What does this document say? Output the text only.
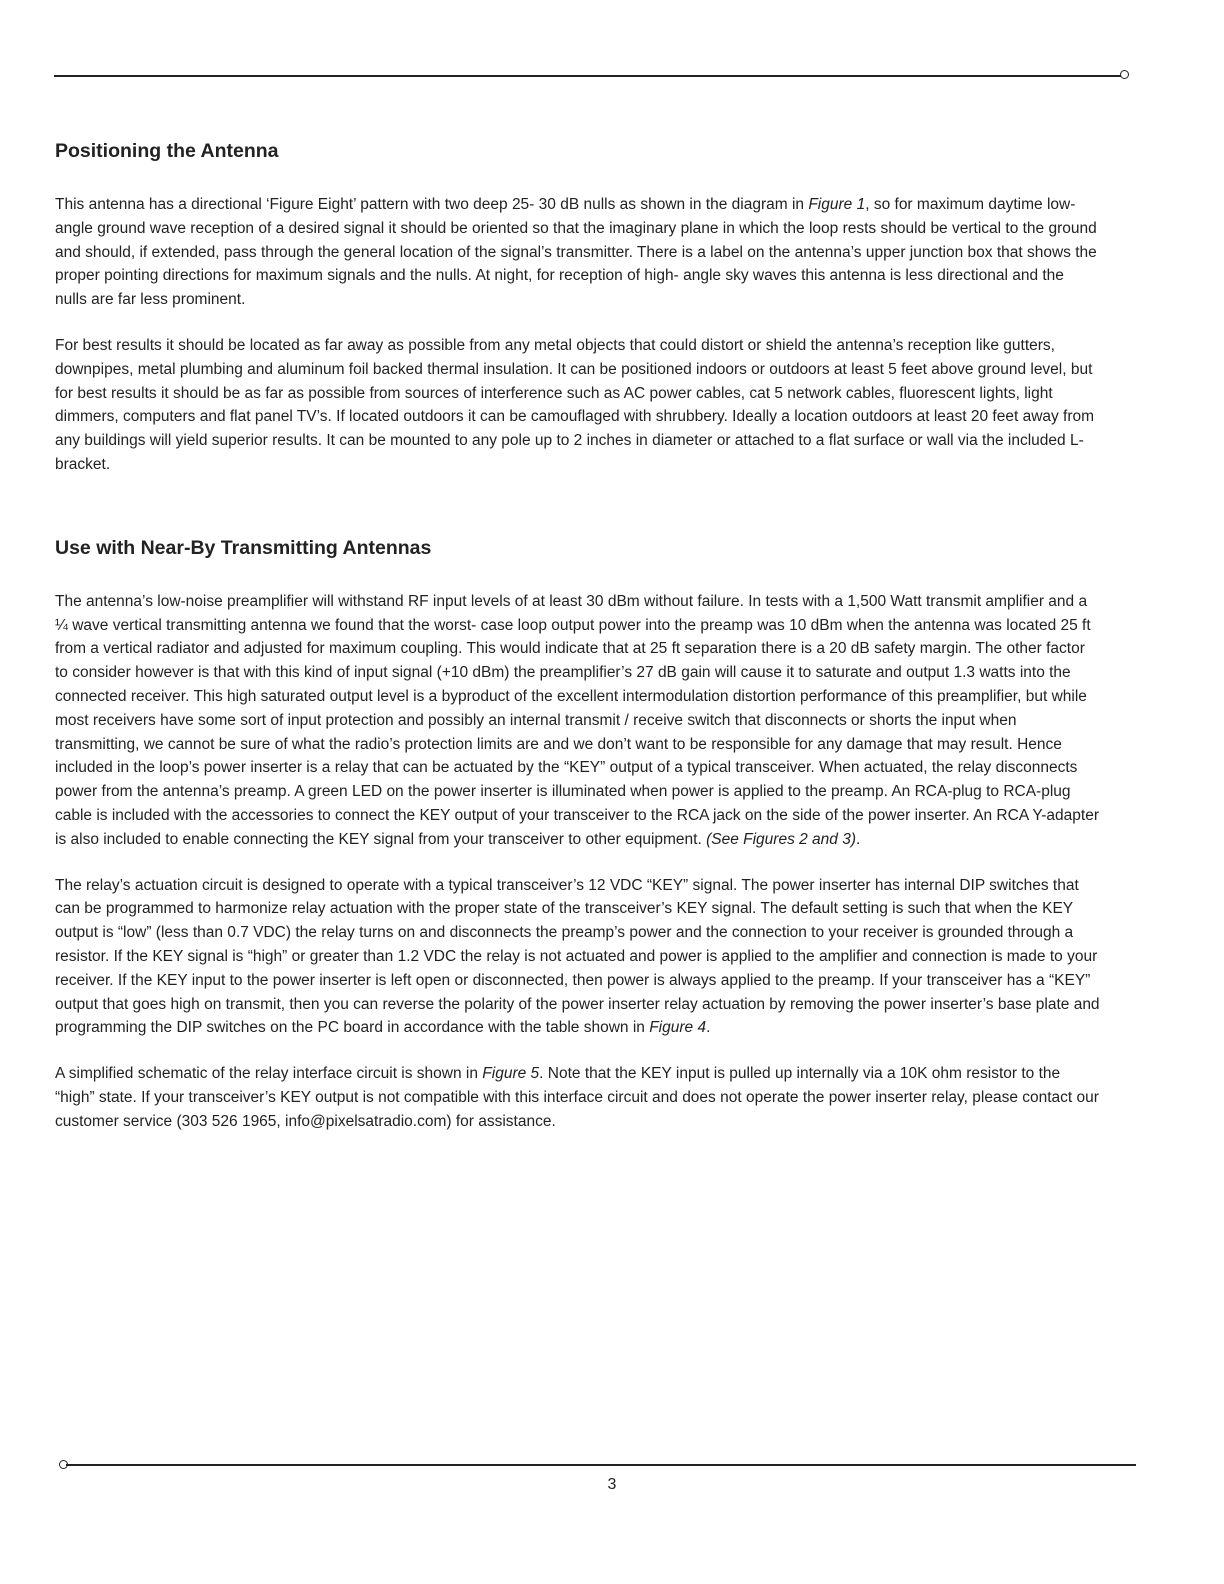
Positioning the Antenna

This antenna has a directional ‘Figure Eight’ pattern with two deep 25- 30 dB nulls as shown in the diagram in Figure 1, so for maximum daytime low-angle ground wave reception of a desired signal it should be oriented so that the imaginary plane in which the loop rests should be vertical to the ground and should, if extended, pass through the general location of the signal’s transmitter. There is a label on the antenna’s upper junction box that shows the proper pointing directions for maximum signals and the nulls. At night, for reception of high- angle sky waves this antenna is less directional and the nulls are far less prominent.

For best results it should be located as far away as possible from any metal objects that could distort or shield the antenna’s reception like gutters, downpipes, metal plumbing and aluminum foil backed thermal insulation. It can be positioned indoors or outdoors at least 5 feet above ground level, but for best results it should be as far as possible from sources of interference such as AC power cables, cat 5 network cables, fluorescent lights, light dimmers, computers and flat panel TV’s. If located outdoors it can be camouflaged with shrubbery. Ideally a location outdoors at least 20 feet away from any buildings will yield superior results. It can be mounted to any pole up to 2 inches in diameter or attached to a flat surface or wall via the included L-bracket.

Use with Near-By Transmitting Antennas

The antenna’s low-noise preamplifier will withstand RF input levels of at least 30 dBm without failure. In tests with a 1,500 Watt transmit amplifier and a ¼ wave vertical transmitting antenna we found that the worst- case loop output power into the preamp was 10 dBm when the antenna was located 25 ft from a vertical radiator and adjusted for maximum coupling. This would indicate that at 25 ft separation there is a 20 dB safety margin. The other factor to consider however is that with this kind of input signal (+10 dBm) the preamplifier’s 27 dB gain will cause it to saturate and output 1.3 watts into the connected receiver. This high saturated output level is a byproduct of the excellent intermodulation distortion performance of this preamplifier, but while most receivers have some sort of input protection and possibly an internal transmit / receive switch that disconnects or shorts the input when transmitting, we cannot be sure of what the radio’s protection limits are and we don’t want to be responsible for any damage that may result. Hence included in the loop’s power inserter is a relay that can be actuated by the “KEY” output of a typical transceiver. When actuated, the relay disconnects power from the antenna’s preamp. A green LED on the power inserter is illuminated when power is applied to the preamp. An RCA-plug to RCA-plug cable is included with the accessories to connect the KEY output of your transceiver to the RCA jack on the side of the power inserter. An RCA Y-adapter is also included to enable connecting the KEY signal from your transceiver to other equipment. (See Figures 2 and 3).

The relay’s actuation circuit is designed to operate with a typical transceiver’s 12 VDC “KEY” signal. The power inserter has internal DIP switches that can be programmed to harmonize relay actuation with the proper state of the transceiver’s KEY signal. The default setting is such that when the KEY output is “low” (less than 0.7 VDC) the relay turns on and disconnects the preamp’s power and the connection to your receiver is grounded through a resistor. If the KEY signal is “high” or greater than 1.2 VDC the relay is not actuated and power is applied to the amplifier and connection is made to your receiver. If the KEY input to the power inserter is left open or disconnected, then power is always applied to the preamp. If your transceiver has a “KEY” output that goes high on transmit, then you can reverse the polarity of the power inserter relay actuation by removing the power inserter’s base plate and programming the DIP switches on the PC board in accordance with the table shown in Figure 4.

A simplified schematic of the relay interface circuit is shown in Figure 5. Note that the KEY input is pulled up internally via a 10K ohm resistor to the “high” state. If your transceiver’s KEY output is not compatible with this interface circuit and does not operate the power inserter relay, please contact our customer service (303 526 1965, info@pixelsatradio.com) for assistance.

3
